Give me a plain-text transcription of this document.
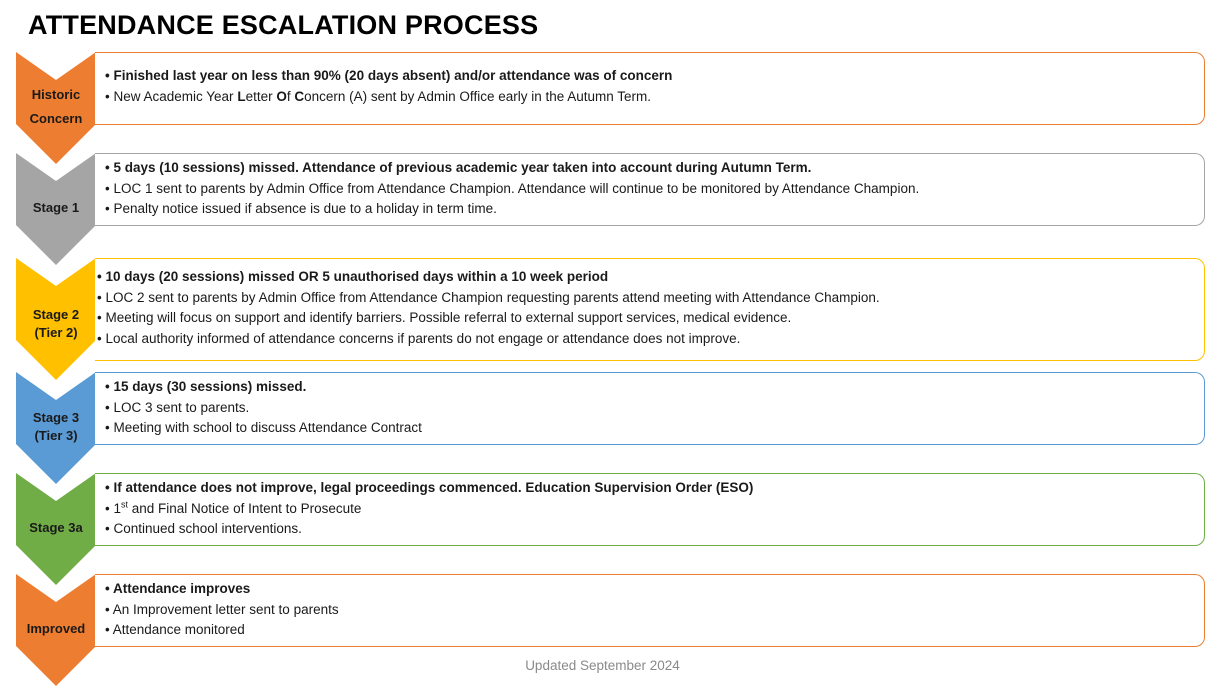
ATTENDANCE ESCALATION PROCESS
Historic
Concern
• Finished last year on less than 90% (20 days absent) and/or attendance was of concern
• New Academic Year Letter Of Concern (A) sent by Admin Office early in the Autumn Term.
Stage 1
• 5 days (10 sessions) missed. Attendance of previous academic year taken into account during Autumn Term.
• LOC 1 sent to parents by Admin Office from Attendance Champion. Attendance will continue to be monitored by Attendance Champion.
• Penalty notice issued if absence is due to a holiday in term time.
Stage 2
(Tier 2)
• 10 days (20 sessions) missed OR 5 unauthorised days within a 10 week period
• LOC 2 sent to parents by Admin Office from Attendance Champion requesting parents attend meeting with Attendance Champion.
• Meeting will focus on support and identify barriers. Possible referral to external support services, medical evidence.
• Local authority informed of attendance concerns if parents do not engage or attendance does not improve.
Stage 3
(Tier 3)
• 15 days (30 sessions) missed.
• LOC 3 sent to parents.
• Meeting with school to discuss Attendance Contract
Stage 3a
• If attendance does not improve, legal proceedings commenced. Education Supervision Order (ESO)
• 1st and Final Notice of Intent to Prosecute
• Continued school interventions.
Improved
• Attendance improves
• An Improvement letter sent to parents
• Attendance monitored
Updated September 2024
